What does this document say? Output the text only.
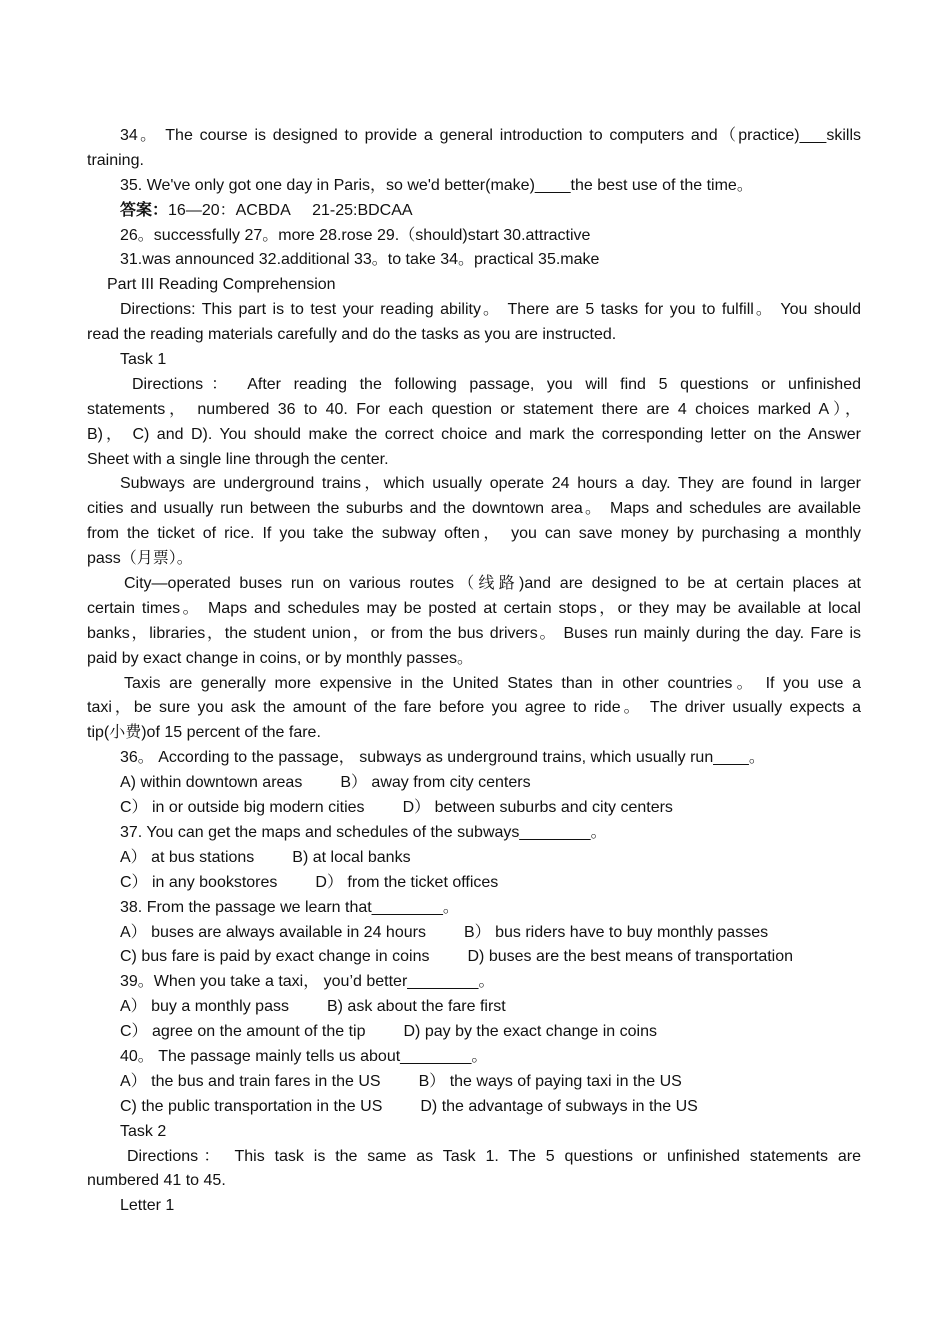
34。 The course is designed to provide a general introduction to computers and（practice)___skills
training.
35. We've only got one day in Paris，so we'd better(make)____the best use of the time。
答案：16—20：ACBDA     21-25:BDCAA
26。successfully 27。more 28.rose 29.（should)start 30.attractive
31.was announced 32.additional 33。to take 34。practical 35.make
Part III Reading Comprehension
Directions: This part is to test your reading ability。 There are 5 tasks for you to fulfill。 You should
read the reading materials carefully and do the tasks as you are instructed.
Task 1
Directions： After reading the following passage, you will find 5 questions or unfinished
statements， numbered 36 to 40. For each question or statement there are 4 choices marked A），
B)， C) and D). You should make the correct choice and mark the corresponding letter on the Answer
Sheet with a single line through the center.
Subways are underground trains，which usually operate 24 hours a day. They are found in larger
cities and usually run between the suburbs and the downtown area。 Maps and schedules are available
from the ticket of rice. If you take the subway often， you can save money by purchasing a monthly
pass（月票）。
City—operated buses run on various routes（线路)and are designed to be at certain places at
certain times。 Maps and schedules may be posted at certain stops，or they may be available at local
banks，libraries，the student union，or from the bus drivers。 Buses run mainly during the day. Fare is
paid by exact change in coins, or by monthly passes。
Taxis are generally more expensive in the United States than in other countries。 If you use a
taxi，be sure you ask the amount of the fare before you agree to ride。 The driver usually expects a
tip(小费)of 15 percent of the fare.
36。 According to the passage， subways as underground trains, which usually run____。
A) within downtown areas B） away from city centers
C） in or outside big modern cities D） between suburbs and city centers
37. You can get the maps and schedules of the subways________。
A） at bus stations B) at local banks
C） in any bookstores D） from the ticket offices
38. From the passage we learn that________。
A） buses are always available in 24 hours B） bus riders have to buy monthly passes
C) bus fare is paid by exact change in coins D) buses are the best means of transportation
39。When you take a taxi， you’d better________。
A） buy a monthly pass B) ask about the fare first
C） agree on the amount of the tip D) pay by the exact change in coins
40。 The passage mainly tells us about________。
A） the bus and train fares in the US B） the ways of paying taxi in the US
C) the public transportation in the US D) the advantage of subways in the US
Task 2
Directions： This task is the same as Task 1. The 5 questions or unfinished statements are
numbered 41 to 45.
Letter 1
